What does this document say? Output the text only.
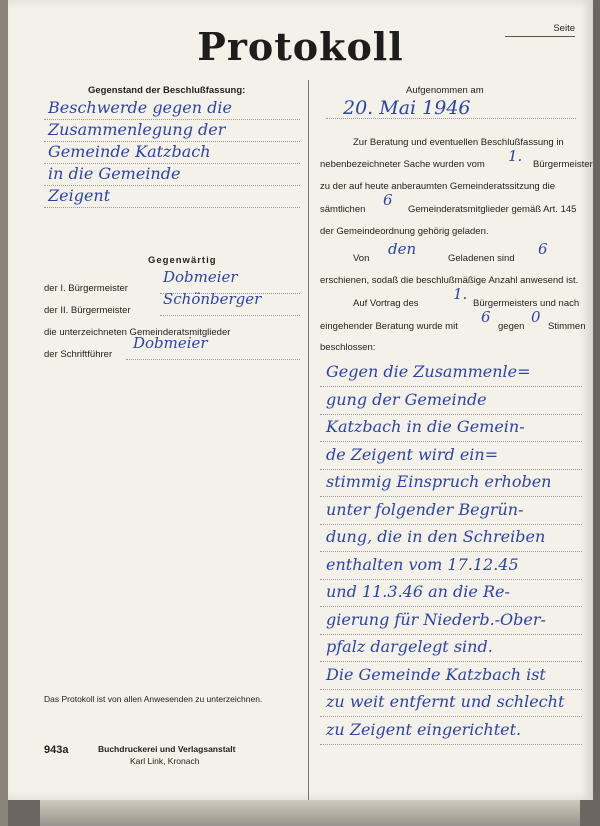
Protokoll	Seite
Gegenstand der Beschlußfassung:
Beschwerde gegen die
Zusammenlegung der
Gemeinde Katzbach
in die Gemeinde
Zeigent
Gegenwärtig
der I. Bürgermeister
Dobmeier
der II. Bürgermeister
Schönberger
die unterzeichneten Gemeinderatsmitglieder
der Schriftführer
Dobmeier
Das Protokoll ist von allen Anwesenden zu unterzeichnen.
943a	Buchdruckerei und Verlagsanstalt
Karl Link, Kronach
Aufgenommen am
20. Mai 1946
Zur Beratung und eventuellen Beschlußfassung in
nebenbezeichneter Sache wurden vom 1. Bürgermeister
zu der auf heute anberaumten Gemeinderatssitzung die
sämtlichen
6
Gemeinderatsmitglieder gemäß Art. 145
der Gemeindeordnung gehörig geladen.
Von
den
Geladenen sind
6
erschienen, sodaß die beschlußmäßige Anzahl anwesend ist.
Auf Vortrag des
1.
Bürgermeisters und nach
eingehender Beratung wurde mit
6
gegen
0
Stimmen
beschlossen:
Gegen die Zusammenle=
gung der Gemeinde
Katzbach in die Gemein-
de Zeigent wird ein=
stimmig Einspruch erhoben
unter folgender Begrün-
dung, die in den Schreiben
enthalten vom 17.12.45
und 11.3.46 an die Re-
gierung für Niederb.-Ober-
pfalz dargelegt sind.
Die Gemeinde Katzbach ist
zu weit entfernt und schlecht
zu Zeigent eingerichtet.
